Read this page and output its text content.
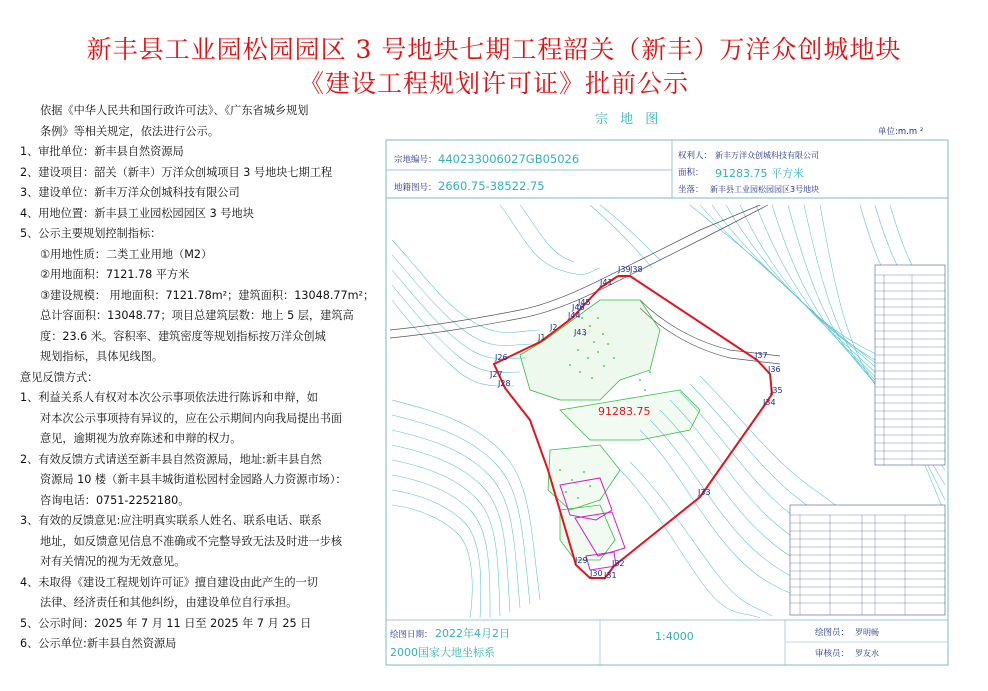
新丰县工业园松园园区 3 号地块七期工程韶关（新丰）万洋众创城地块
《建设工程规划许可证》批前公示
依据《中华人民共和国行政许可法》、《广东省城乡规划
条例》等相关规定，依法进行公示。
1、审批单位：新丰县自然资源局
2、建设项目：韶关（新丰）万洋众创城项目 3 号地块七期工程
3、建设单位：新丰万洋众创城科技有限公司
4、用地位置：新丰县工业园松园园区 3 号地块
5、公示主要规划控制指标：
①用地性质：二类工业用地（M2）
②用地面积：7121.78 平方米
③建设规模： 用地面积：7121.78m²；建筑面积：13048.77m²；
总计容面积：13048.77；项目总建筑层数：地上 5 层，建筑高
度：23.6 米。容积率、建筑密度等规划指标按万洋众创城
规划指标，具体见线图。
意见反馈方式：
1、利益关系人有权对本次公示事项依法进行陈诉和申辩，如
对本次公示事项持有异议的，应在公示期间内向我局提出书面
意见，逾期视为放弃陈述和申辩的权力。
2、有效反馈方式请送至新丰县自然资源局，地址:新丰县自然
资源局 10 楼（新丰县丰城街道松园村金园路人力资源市场）：
咨询电话：0751-2252180。
3、有效的反馈意见:应注明真实联系人姓名、联系电话、联系
地址，如反馈意见信息不准确或不完整导致无法及时进一步核
对有关情况的视为无效意见。
4、未取得《建设工程规划许可证》擅自建设由此产生的一切
法律、经济责任和其他纠纷，由建设单位自行承担。
5、公示时间：2025 年 7 月 11 日至 2025 年 7 月 25 日
6、公示单位:新丰县自然资源局
J39 J38
J41
J46
J45
J44
J43
J2
J1
J26
J27
J28
J37
J36
J35
J34
J33
J29
J30 J31
J32
宗 地 图
单位:m.m ²
宗地编号： 440233006027GB05026
地籍图号： 2660.75-38522.75
权利人： 新丰万洋众创城科技有限公司
面积： 91283.75 平方米
坐落： 新丰县工业园松园园区3号地块
91283.75
绘图日期： 2022年4月2日
2000国家大地坐标系
1:4000	绘图员： 罗明畅
审核员： 罗友水
